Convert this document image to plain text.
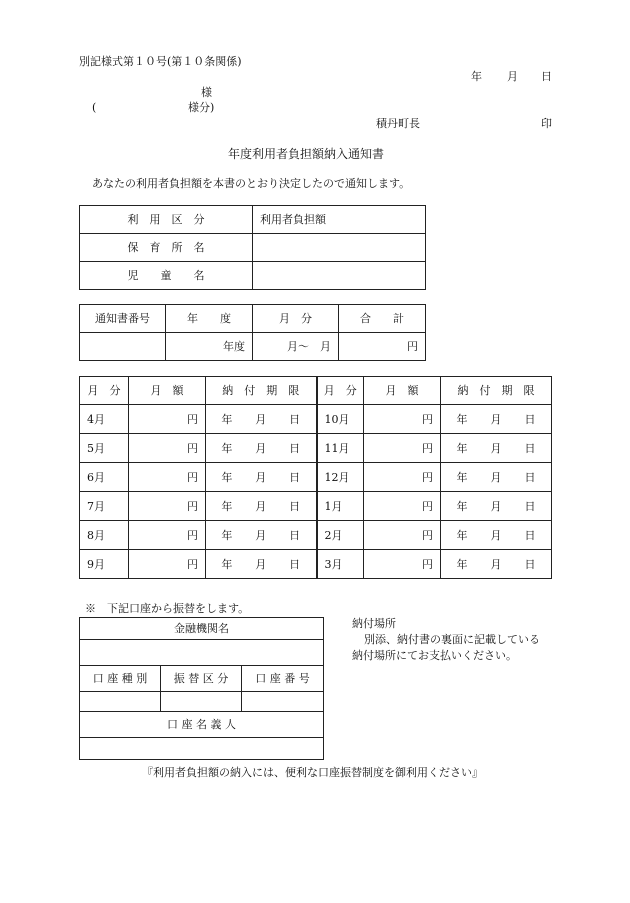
別記様式第１０号(第１０条関係)
年 月 日
様
(	様分)
積丹町長	印
年度利用者負担額納入通知書
あなたの利用者負担額を本書のとおり決定したので通知します。
利　用　区　分	利用者負担額
保　育　所　名	
児　　童　　名	
通知書番号	年　　度	月　分	合　　計
	年度	月〜　月	円
月　分	月　額	納　付　期　限	月　分	月　額	納　付　期　限
4月	円	年 月 日	10月	円	年 月 日

5月	円	年 月 日	11月	円	年 月 日

6月	円	年 月 日	12月	円	年 月 日

7月	円	年 月 日	1月	円	年 月 日

8月	円	年 月 日	2月	円	年 月 日

9月	円	年 月 日	3月	円	年 月 日
※　下記口座から振替をします。
金融機関名		

口 座 種 別	振 替 区 分	口 座 番 号

口 座 名 義 人		

納付場所
別添、納付書の裏面に記載している
納付場所にてお支払いください。
『利用者負担額の納入には、便利な口座振替制度を御利用ください』
